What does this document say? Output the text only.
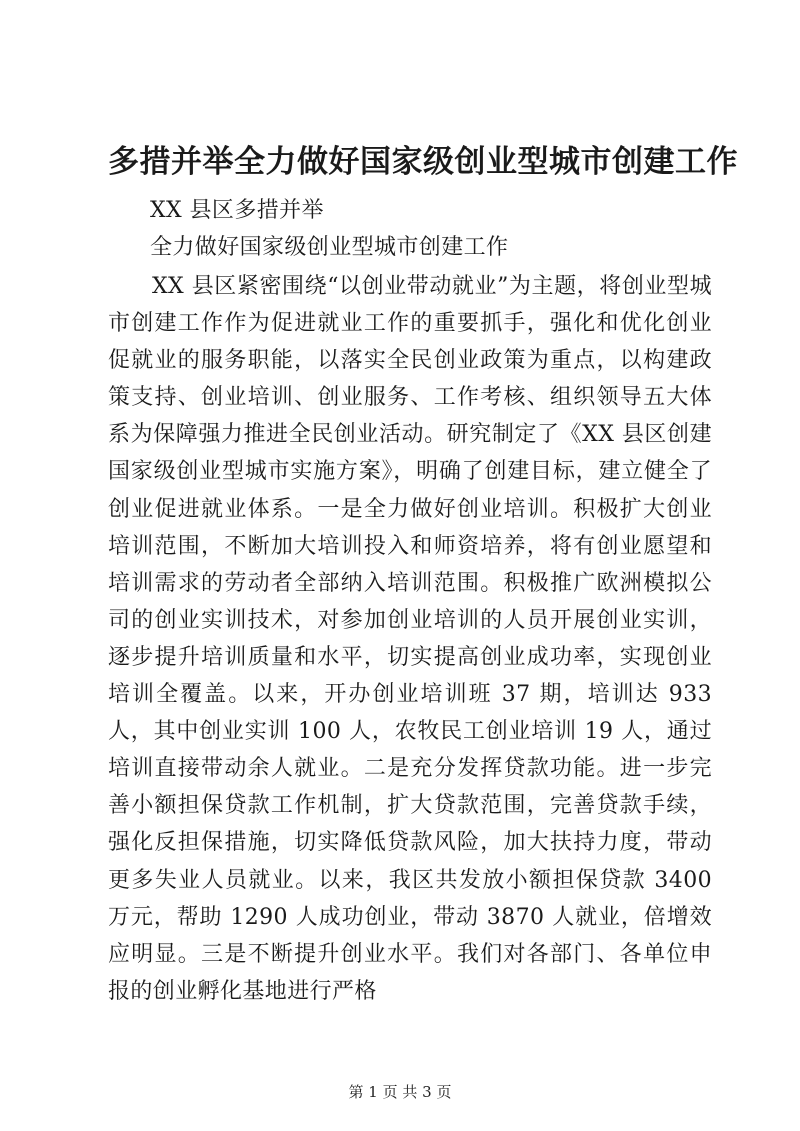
多措并举全力做好国家级创业型城市创建工作

XX 县区多措并举

全力做好国家级创业型城市创建工作

XX 县区紧密围绕“以创业带动就业”为主题，将创业型城市创建工作作为促进就业工作的重要抓手，强化和优化创业促就业的服务职能，以落实全民创业政策为重点，以构建政策支持、创业培训、创业服务、工作考核、组织领导五大体系为保障强力推进全民创业活动。研究制定了《XX 县区创建国家级创业型城市实施方案》，明确了创建目标，建立健全了创业促进就业体系。一是全力做好创业培训。积极扩大创业培训范围，不断加大培训投入和师资培养，将有创业愿望和培训需求的劳动者全部纳入培训范围。积极推广欧洲模拟公司的创业实训技术，对参加创业培训的人员开展创业实训，逐步提升培训质量和水平，切实提高创业成功率，实现创业培训全覆盖。以来，开办创业培训班 37 期，培训达 933 人，其中创业实训 100 人，农牧民工创业培训 19 人，通过培训直接带动余人就业。二是充分发挥贷款功能。进一步完善小额担保贷款工作机制，扩大贷款范围，完善贷款手续，强化反担保措施，切实降低贷款风险，加大扶持力度，带动更多失业人员就业。以来，我区共发放小额担保贷款 3400 万元，帮助 1290 人成功创业，带动 3870 人就业，倍增效应明显。三是不断提升创业水平。我们对各部门、各单位申报的创业孵化基地进行严格

第 1 页 共 3 页
